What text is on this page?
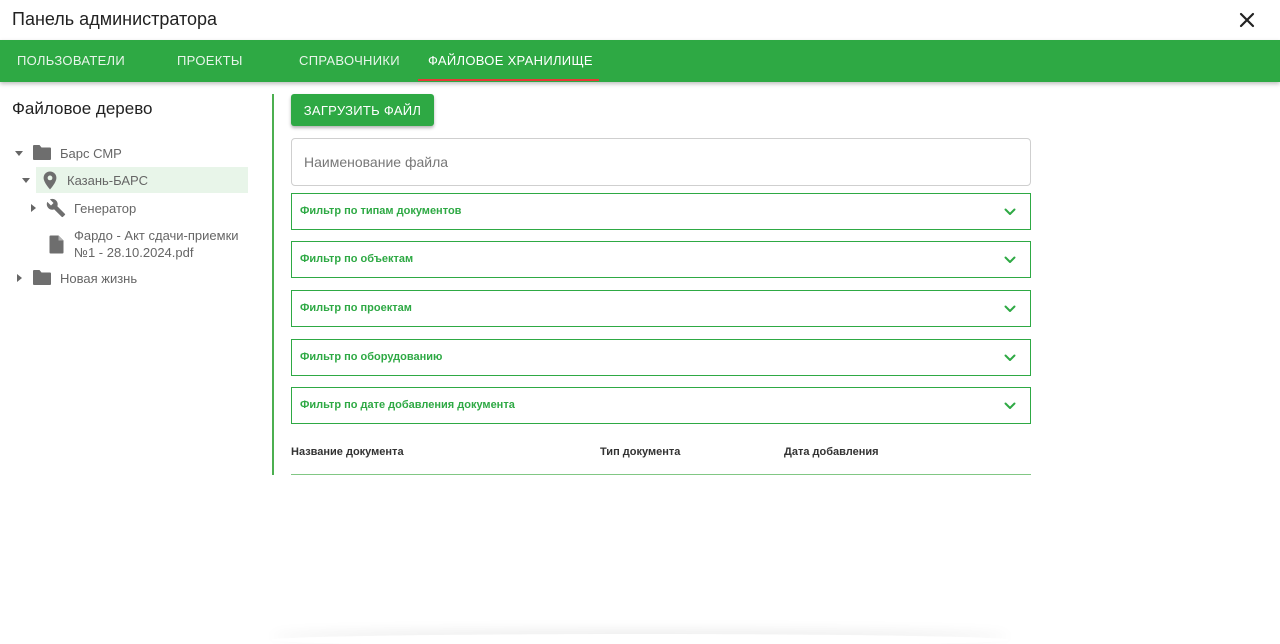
Панель администратора
ПОЛЬЗОВАТЕЛИ	ПРОЕКТЫ	СПРАВОЧНИКИ ФАЙЛОВОЕ ХРАНИЛИЩЕ
Файловое дерево
Барс СМР
Казань-БАРС
Генератор
Фардо - Акт сдачи-приемки
№1 - 28.10.2024.pdf
Новая жизнь
ЗАГРУЗИТЬ ФАЙЛ
Наименование файла
Фильтр по типам документов
Фильтр по объектам
Фильтр по проектам
Фильтр по оборудованию
Фильтр по дате добавления документа
Название документа	Тип документа	Дата добавления
